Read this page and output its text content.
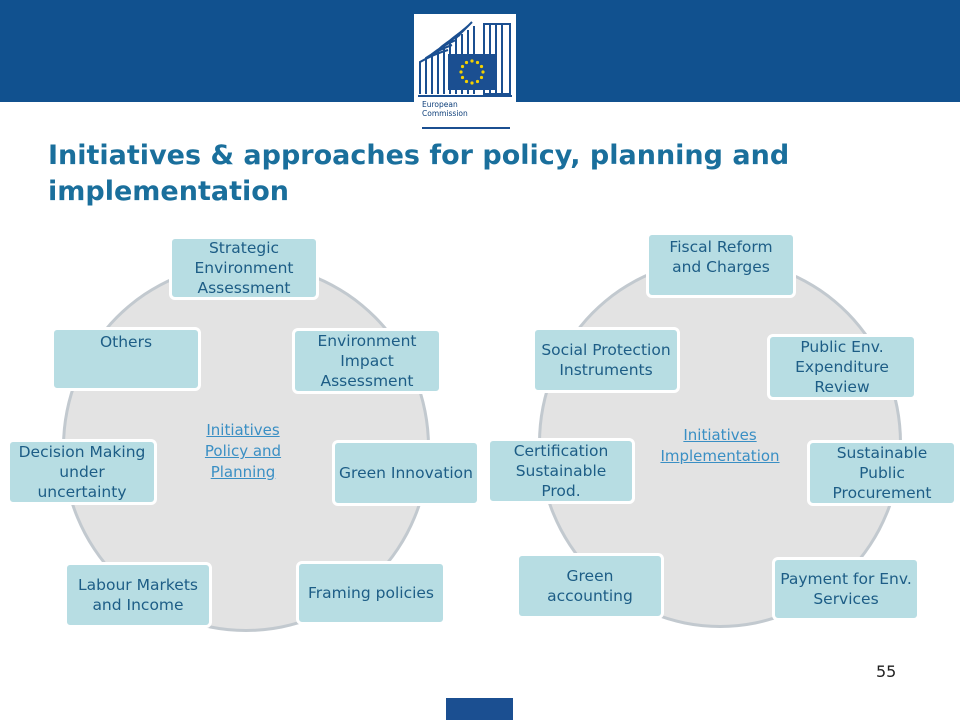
European
Commission
Initiatives & approaches for policy, planning and implementation
Initiatives Policy and Planning
Strategic Environment Assessment
Environment Impact Assessment
Green Innovation
Framing policies
Labour Markets and Income
Decision Making under uncertainty
Others
Initiatives Implementation
Fiscal Reform and Charges
Public Env. Expenditure Review
Sustainable Public Procurement
Payment for Env. Services
Green accounting
Certification Sustainable Prod.
Social Protection Instruments
55
